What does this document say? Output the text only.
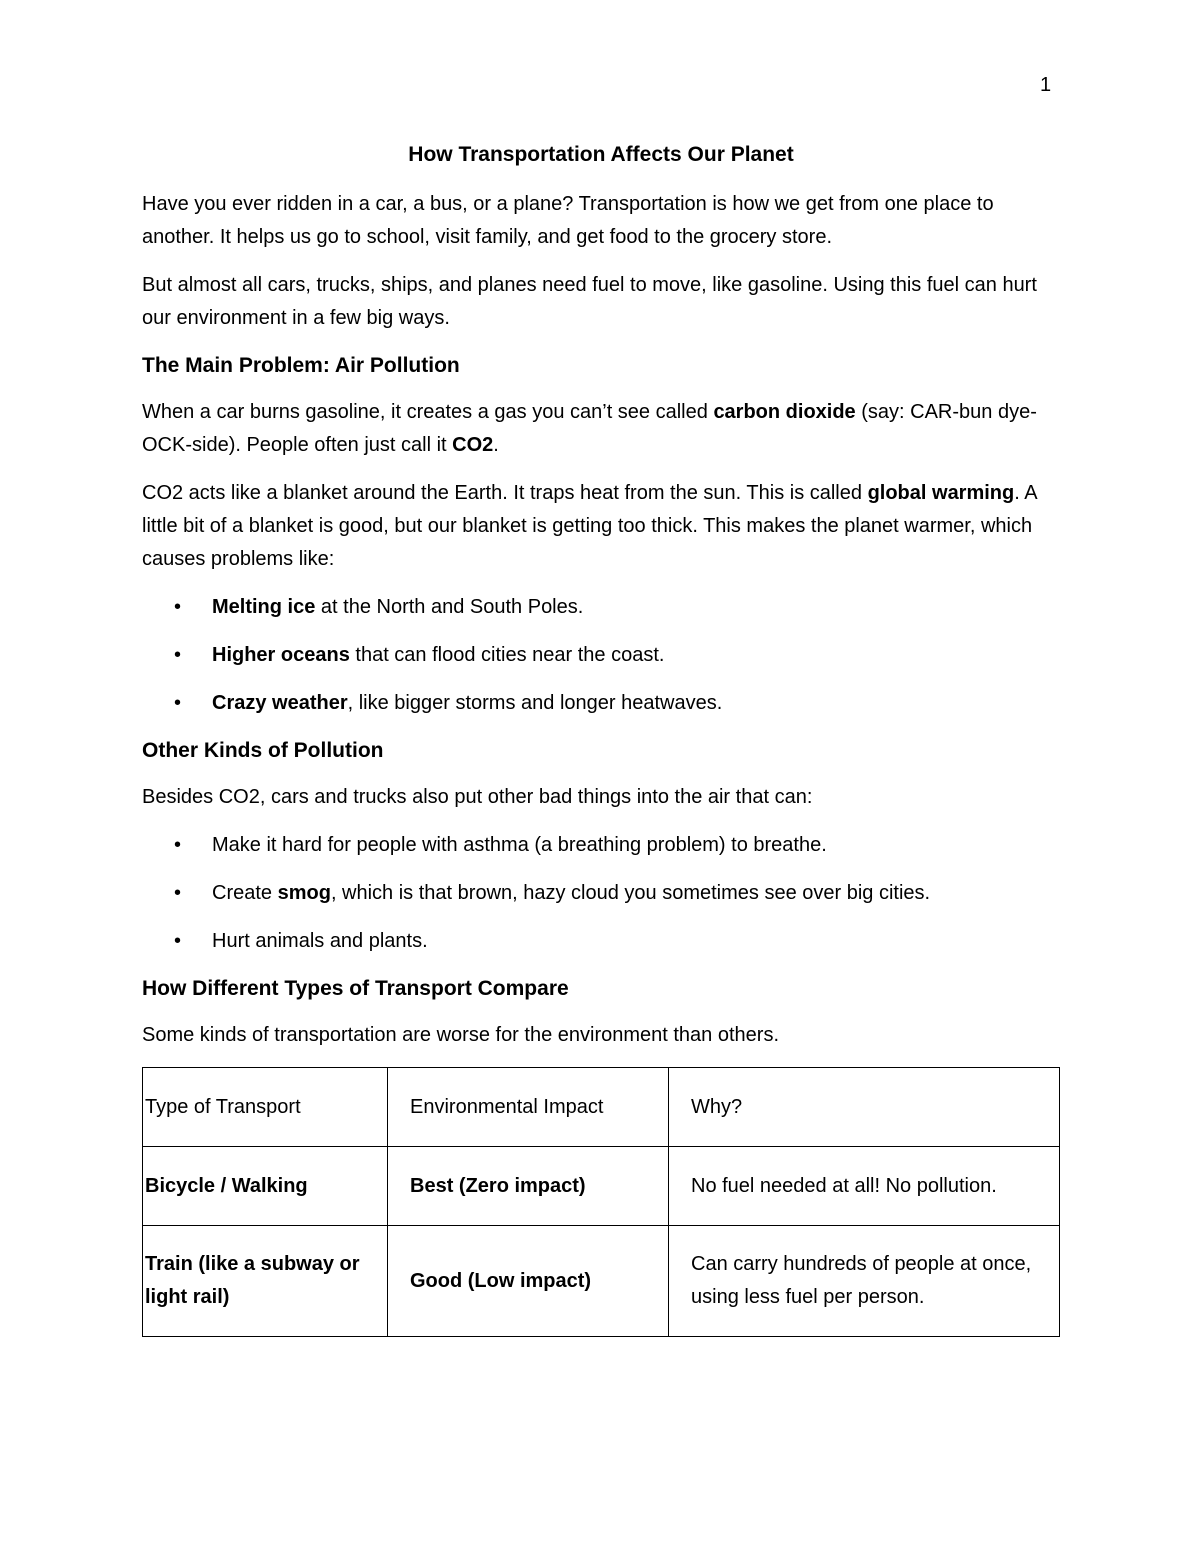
1
How Transportation Affects Our Planet

Have you ever ridden in a car, a bus, or a plane? Transportation is how we get from one place to another. It helps us go to school, visit family, and get food to the grocery store.

But almost all cars, trucks, ships, and planes need fuel to move, like gasoline. Using this fuel can hurt our environment in a few big ways.

The Main Problem: Air Pollution

When a car burns gasoline, it creates a gas you can’t see called carbon dioxide (say: CAR-bun dye-OCK-side). People often just call it CO2.

CO2 acts like a blanket around the Earth. It traps heat from the sun. This is called global warming. A little bit of a blanket is good, but our blanket is getting too thick. This makes the planet warmer, which causes problems like:

• Melting ice at the North and South Poles.
• Higher oceans that can flood cities near the coast.
• Crazy weather, like bigger storms and longer heatwaves.
Other Kinds of Pollution

Besides CO2, cars and trucks also put other bad things into the air that can:

• Make it hard for people with asthma (a breathing problem) to breathe.
• Create smog, which is that brown, hazy cloud you sometimes see over big cities.
• Hurt animals and plants.
How Different Types of Transport Compare

Some kinds of transportation are worse for the environment than others.

Type of Transport	Environmental Impact	Why?
Bicycle / Walking	Best (Zero impact)	No fuel needed at all! No pollution.
Train (like a subway or light rail)	Good (Low impact)	Can carry hundreds of people at once, using less fuel per person.
